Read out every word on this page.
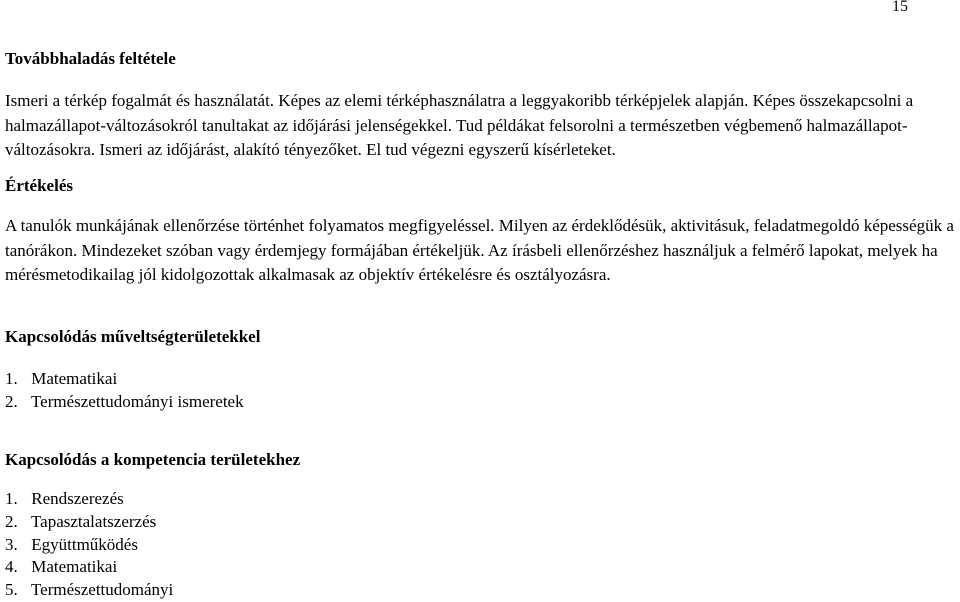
15
Továbbhaladás feltétele

Ismeri a térkép fogalmát és használatát. Képes az elemi térképhasználatra a leggyakoribb térképjelek alapján. Képes összekapcsolni a halmazállapot-változásokról tanultakat az időjárási jelenségekkel. Tud példákat felsorolni a természetben végbemenő halmazállapot-változásokra. Ismeri az időjárást, alakító tényezőket. El tud végezni egyszerű kísérleteket.

Értékelés

A tanulók munkájának ellenőrzése történhet folyamatos megfigyeléssel. Milyen az érdeklődésük, aktivitásuk, feladatmegoldó képességük a tanórákon. Mindezeket szóban vagy érdemjegy formájában értékeljük. Az írásbeli ellenőrzéshez használjuk a felmérő lapokat, melyek ha mérésmetodikailag jól kidolgozottak alkalmasak az objektív értékelésre és osztályozásra.

Kapcsolódás műveltségterületekkel
1. Matematikai
2. Természettudományi ismeretek
Kapcsolódás a kompetencia területekhez
1. Rendszerezés
2. Tapasztalatszerzés
3. Együttműködés
4. Matematikai
5. Természettudományi
